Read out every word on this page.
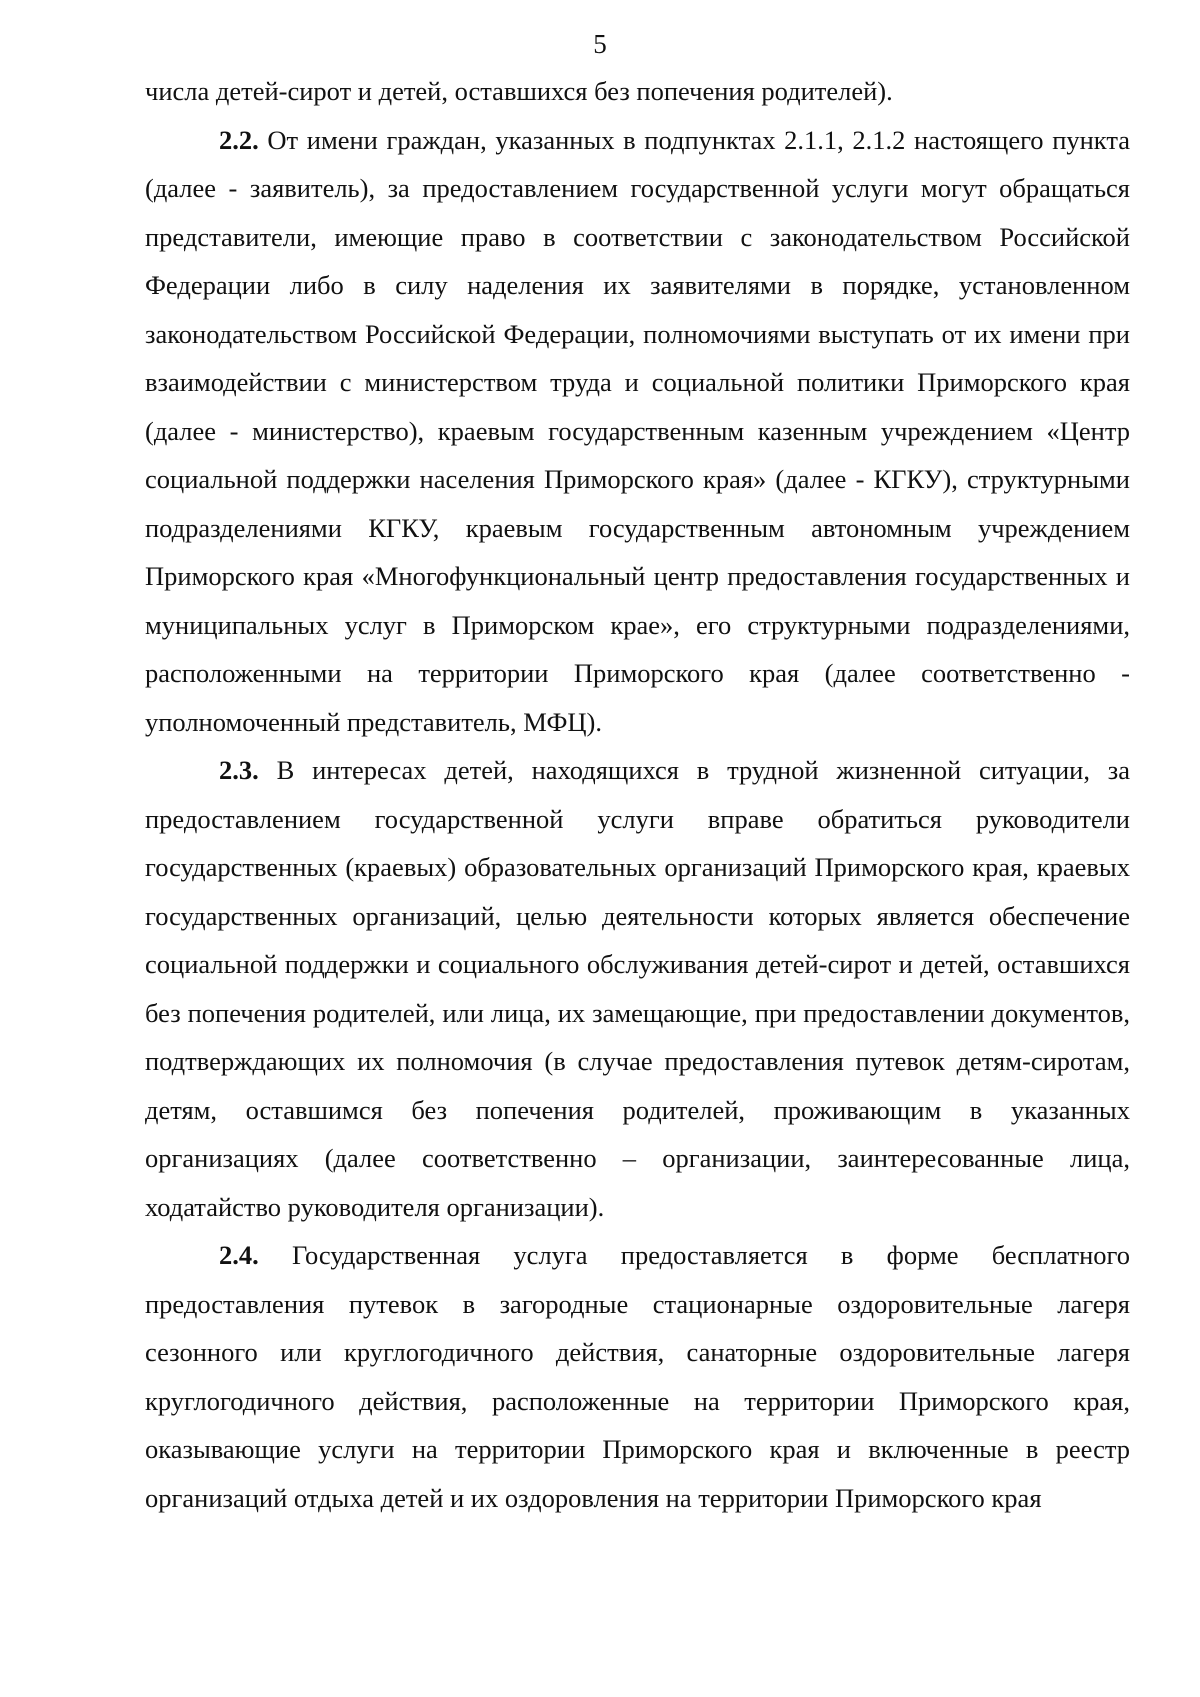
5

числа детей-сирот и детей, оставшихся без попечения родителей).

2.2. От имени граждан, указанных в подпунктах 2.1.1, 2.1.2 настоящего пункта (далее - заявитель), за предоставлением государственной услуги могут обращаться представители, имеющие право в соответствии с законодательством Российской Федерации либо в силу наделения их заявителями в порядке, установленном законодательством Российской Федерации, полномочиями выступать от их имени при взаимодействии с министерством труда и социальной политики Приморского края (далее - министерство), краевым государственным казенным учреждением «Центр социальной поддержки населения Приморского края» (далее - КГКУ), структурными подразделениями КГКУ, краевым государственным автономным учреждением Приморского края «Многофункциональный центр предоставления государственных и муниципальных услуг в Приморском крае», его структурными подразделениями, расположенными на территории Приморского края (далее соответственно - уполномоченный представитель, МФЦ).

2.3. В интересах детей, находящихся в трудной жизненной ситуации, за предоставлением государственной услуги вправе обратиться руководители государственных (краевых) образовательных организаций Приморского края, краевых государственных организаций, целью деятельности которых является обеспечение социальной поддержки и социального обслуживания детей-сирот и детей, оставшихся без попечения родителей, или лица, их замещающие, при предоставлении документов, подтверждающих их полномочия (в случае предоставления путевок детям-сиротам, детям, оставшимся без попечения родителей, проживающим в указанных организациях (далее соответственно – организации, заинтересованные лица, ходатайство руководителя организации).

2.4. Государственная услуга предоставляется в форме бесплатного предоставления путевок в загородные стационарные оздоровительные лагеря сезонного или круглогодичного действия, санаторные оздоровительные лагеря круглогодичного действия, расположенные на территории Приморского края, оказывающие услуги на территории Приморского края и включенные в реестр организаций отдыха детей и их оздоровления на территории Приморского края
